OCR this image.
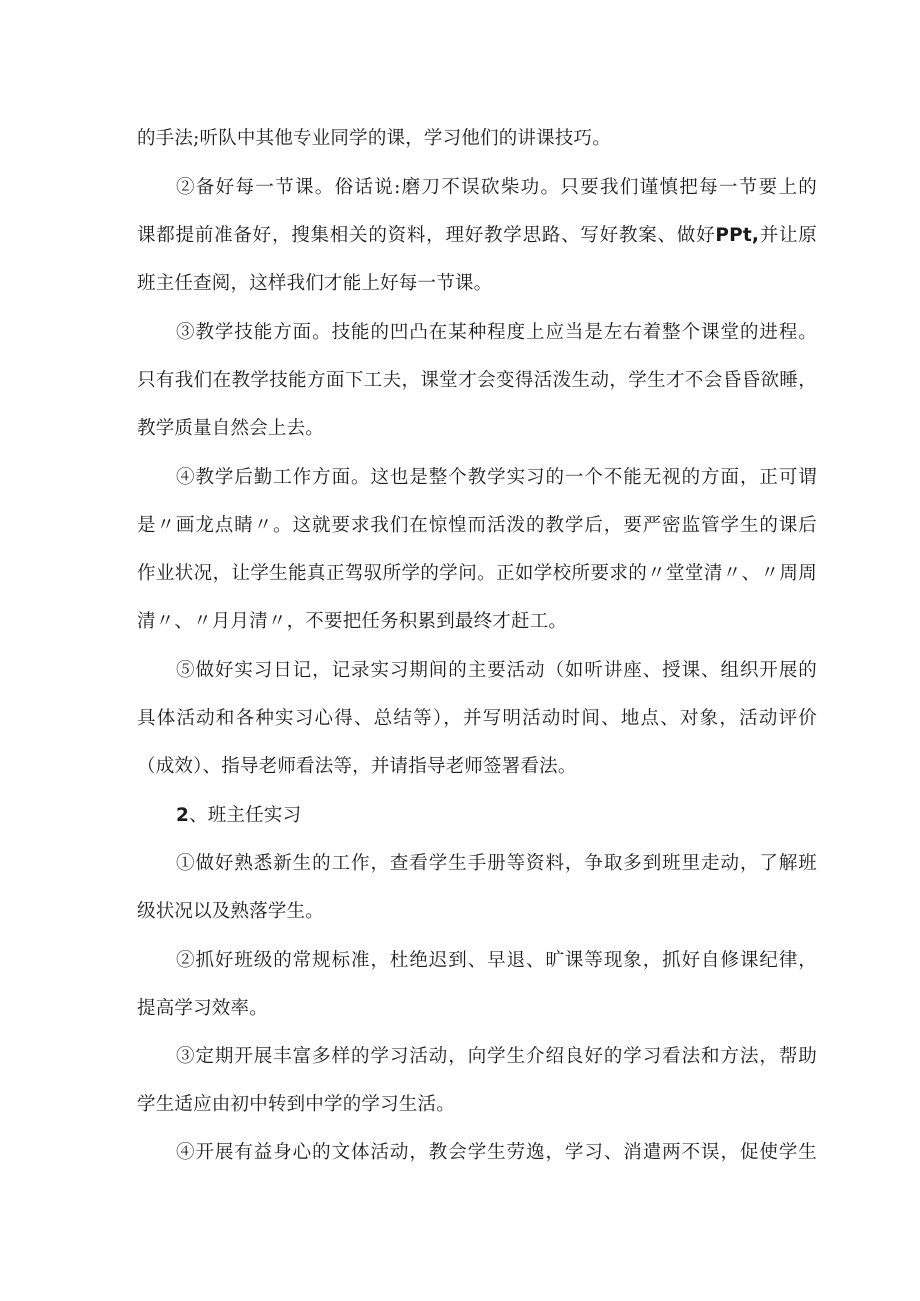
的手法;听队中其他专业同学的课，学习他们的讲课技巧。
②备好每一节课。俗话说:磨刀不误砍柴功。只要我们谨慎把每一节要上的
课都提前准备好，搜集相关的资料，理好教学思路、写好教案、做好PPt,并让原
班主任查阅，这样我们才能上好每一节课。
③教学技能方面。技能的凹凸在某种程度上应当是左右着整个课堂的进程。
只有我们在教学技能方面下工夫，课堂才会变得活泼生动，学生才不会昏昏欲睡，
教学质量自然会上去。
④教学后勤工作方面。这也是整个教学实习的一个不能无视的方面，正可谓
是〃画龙点睛〃。这就要求我们在惊惶而活泼的教学后，要严密监管学生的课后
作业状况，让学生能真正驾驭所学的学问。正如学校所要求的〃堂堂清〃、〃周周
清〃、〃月月清〃，不要把任务积累到最终才赶工。
⑤做好实习日记，记录实习期间的主要活动（如听讲座、授课、组织开展的
具体活动和各种实习心得、总结等），并写明活动时间、地点、对象，活动评价
（成效）、指导老师看法等，并请指导老师签署看法。
2、班主任实习
①做好熟悉新生的工作，查看学生手册等资料，争取多到班里走动，了解班
级状况以及熟落学生。
②抓好班级的常规标准，杜绝迟到、早退、旷课等现象，抓好自修课纪律，
提高学习效率。
③定期开展丰富多样的学习活动，向学生介绍良好的学习看法和方法，帮助
学生适应由初中转到中学的学习生活。
④开展有益身心的文体活动，教会学生劳逸，学习、消遣两不误，促使学生
